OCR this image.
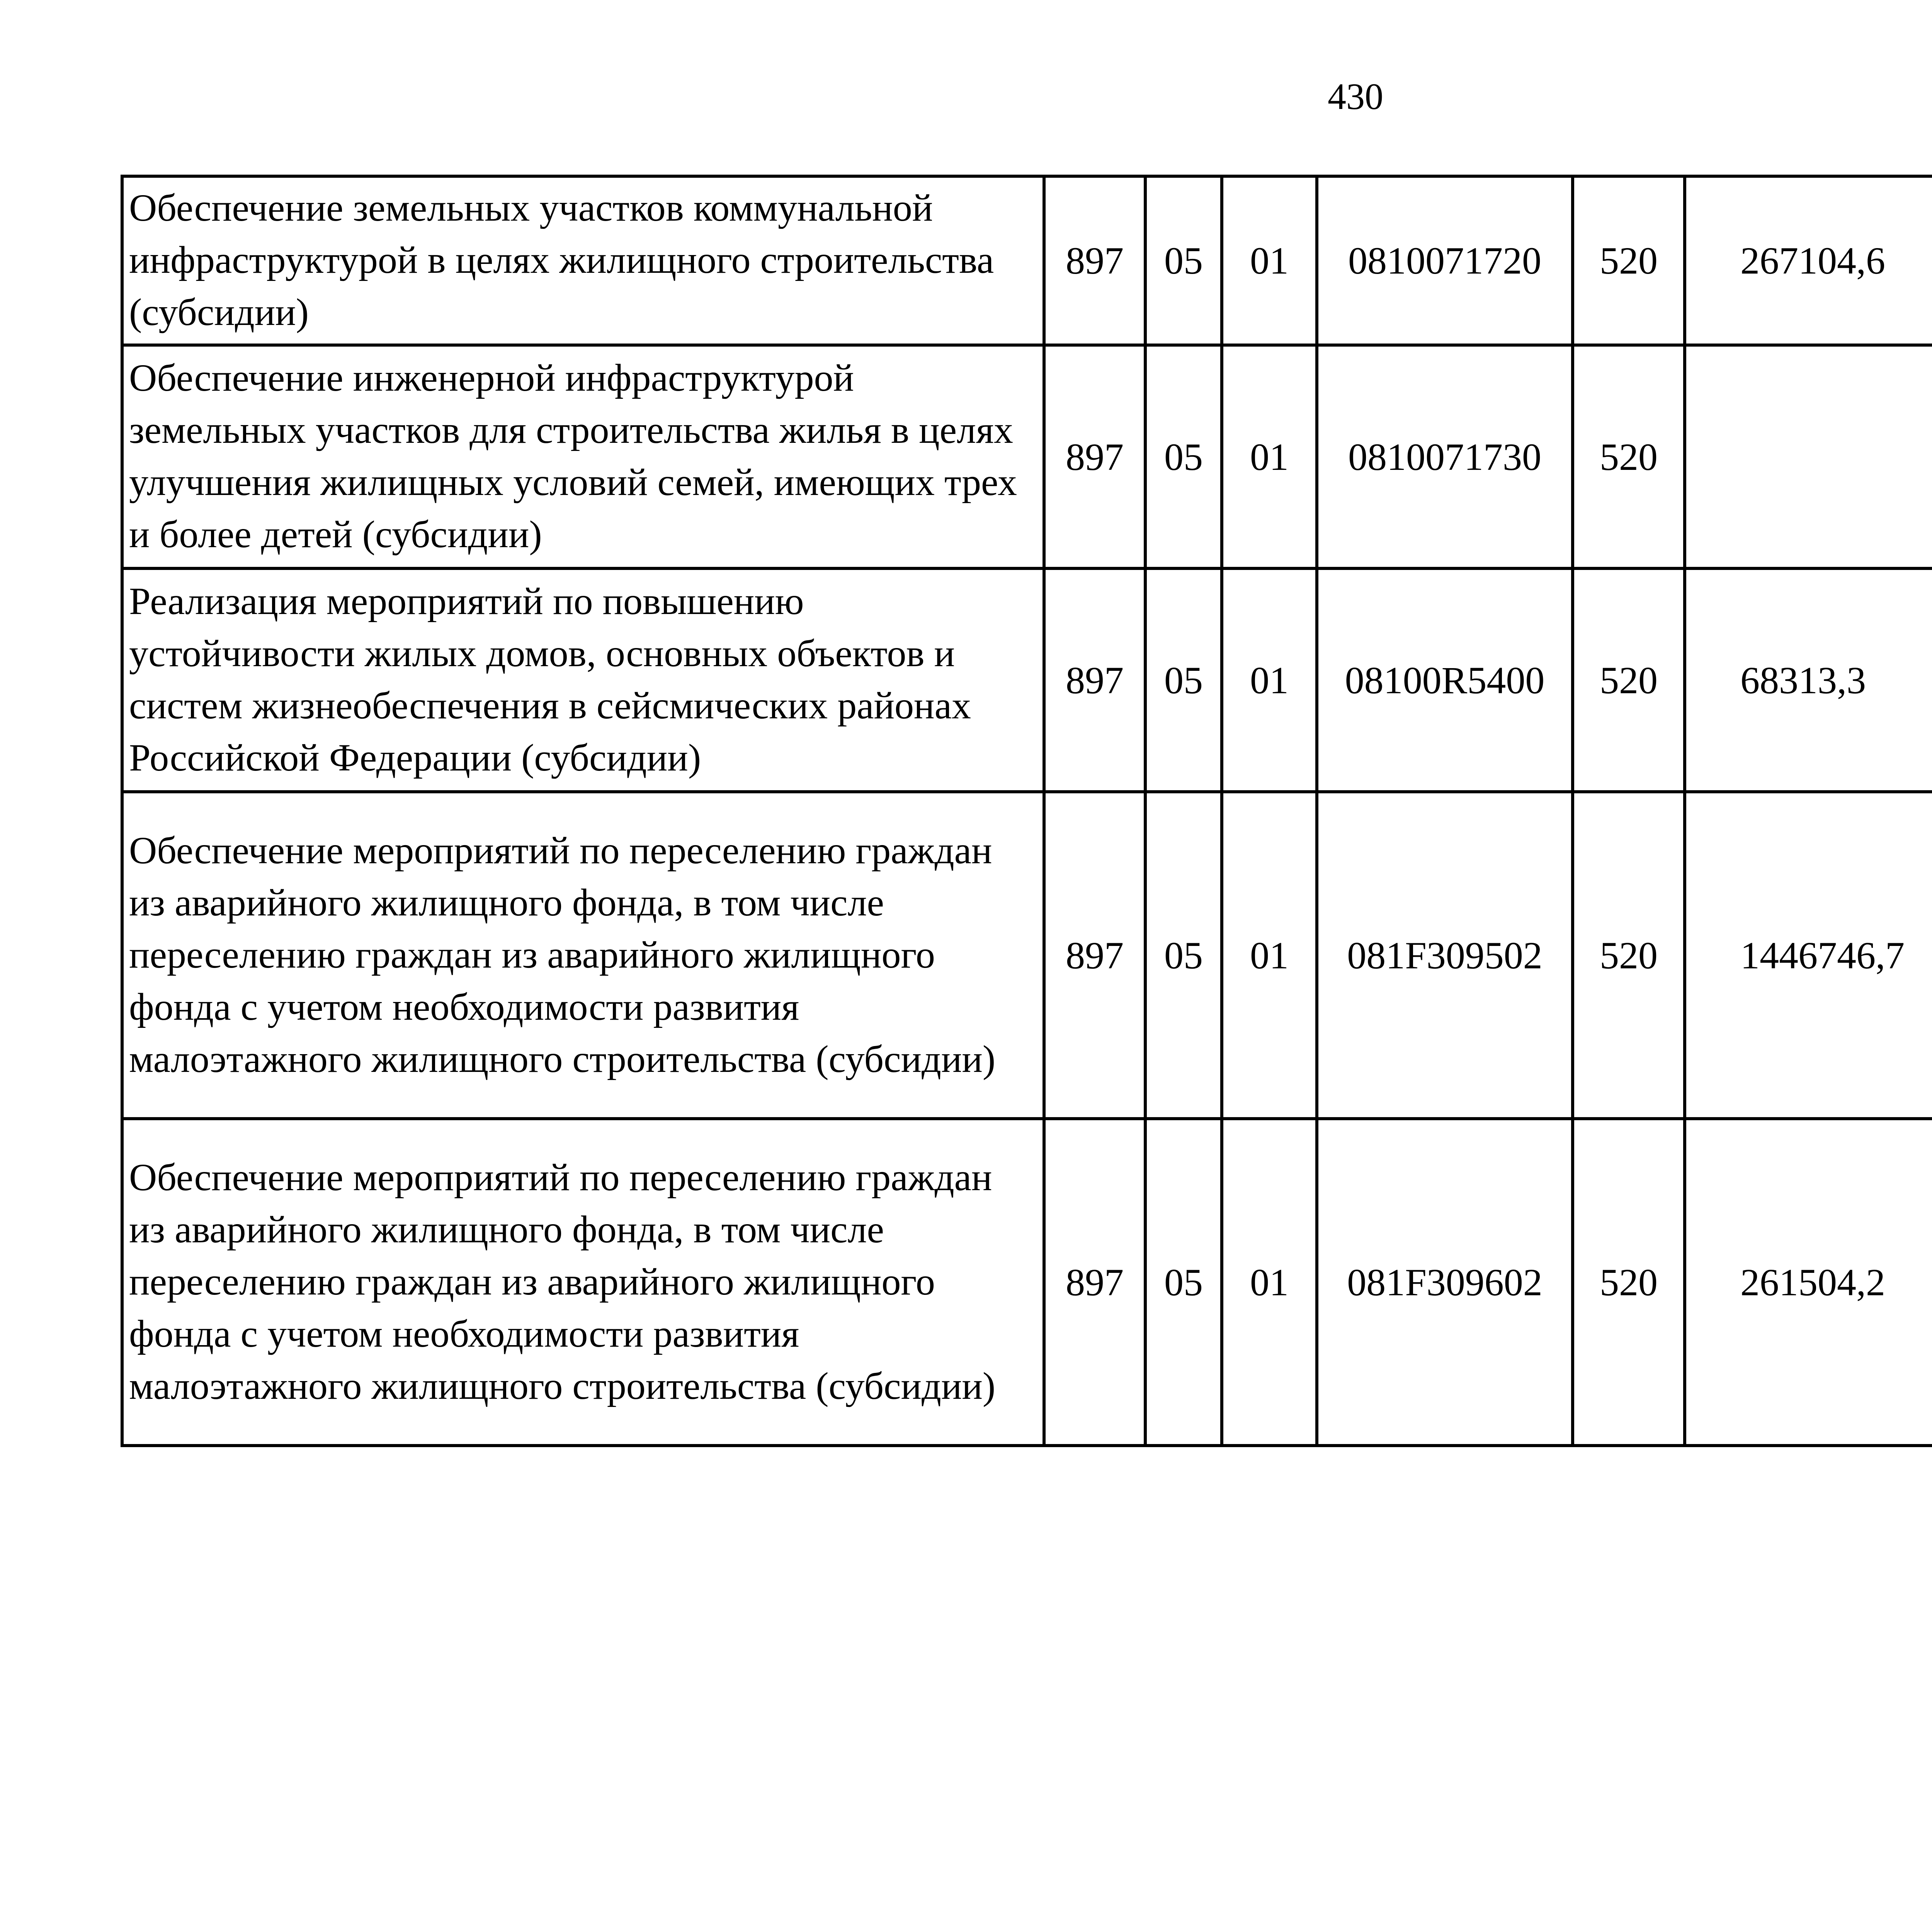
430
Обеспечение земельных участков коммунальной инфраструктурой в целях жилищного строительства (субсидии)	897	05	01	0810071720	520	267104,6		
Обеспечение инженерной инфраструктурой земельных участков для строительства жилья в целях улучшения жилищных условий семей, имеющих трех и более детей (субсидии)	897	05	01	0810071730	520			
Реализация мероприятий по повышению устойчивости жилых домов, основных объектов и систем жизнеобеспечения в сейсмических районах Российской Федерации (субсидии)	897	05	01	08100R5400	520	68313,3		
Обеспечение мероприятий по переселению граждан из аварийного жилищного фонда, в том числе переселению граждан из аварийного жилищного фонда с учетом необходимости развития малоэтажного жилищного строительства (субсидии)	897	05	01	081F309502	520	1446746,7		
Обеспечение мероприятий по переселению граждан из аварийного жилищного фонда, в том числе переселению граждан из аварийного жилищного фонда с учетом необходимости развития малоэтажного жилищного строительства (субсидии)	897	05	01	081F309602	520	261504,2		
